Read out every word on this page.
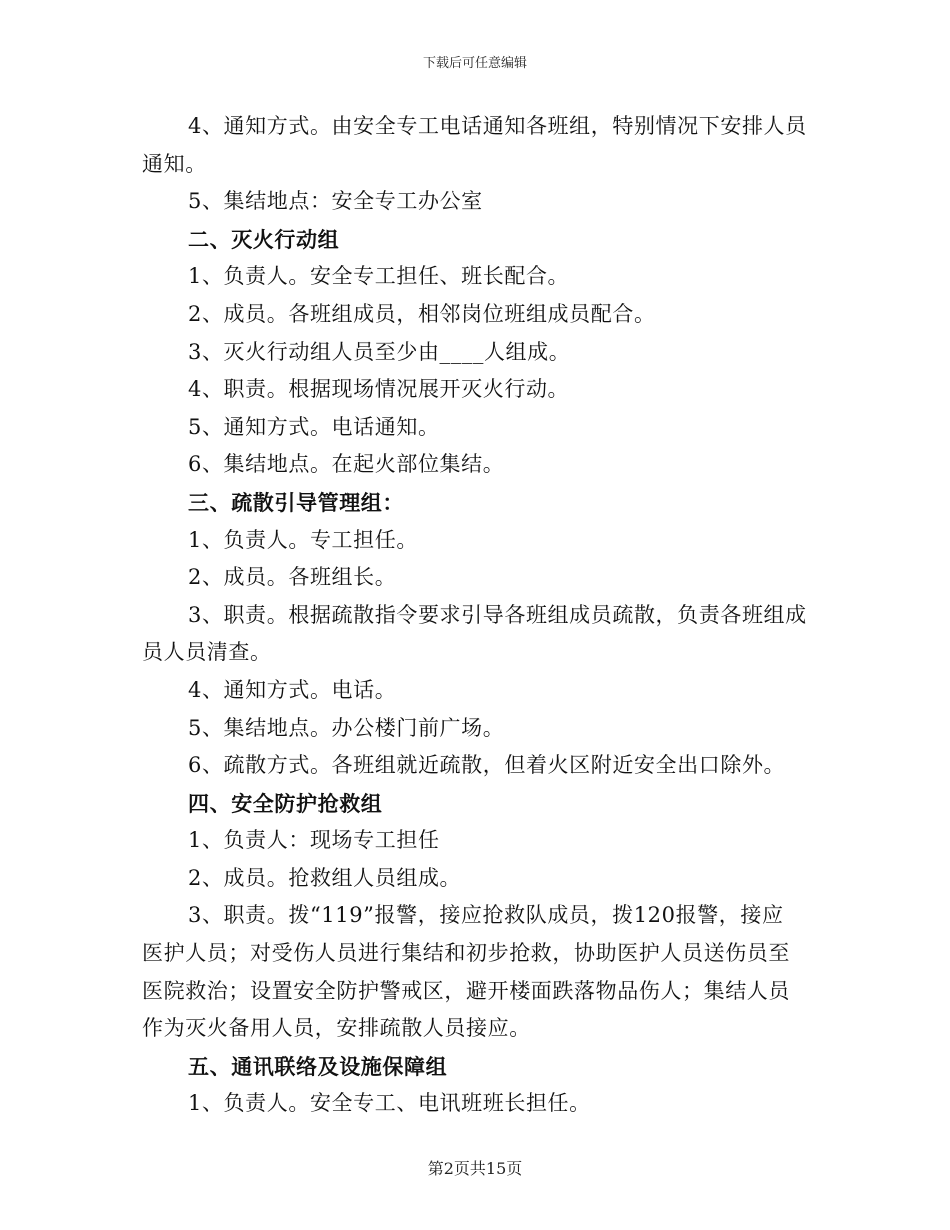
下载后可任意编辑
4、通知方式。由安全专工电话通知各班组，特别情况下安排人员
通知。
5、集结地点：安全专工办公室
二、灭火行动组
1、负责人。安全专工担任、班长配合。
2、成员。各班组成员，相邻岗位班组成员配合。
3、灭火行动组人员至少由____人组成。
4、职责。根据现场情况展开灭火行动。
5、通知方式。电话通知。
6、集结地点。在起火部位集结。
三、疏散引导管理组：
1、负责人。专工担任。
2、成员。各班组长。
3、职责。根据疏散指令要求引导各班组成员疏散，负责各班组成
员人员清查。
4、通知方式。电话。
5、集结地点。办公楼门前广场。
6、疏散方式。各班组就近疏散，但着火区附近安全出口除外。
四、安全防护抢救组
1、负责人：现场专工担任
2、成员。抢救组人员组成。
3、职责。拨“119”报警，接应抢救队成员，拨120报警，接应
医护人员；对受伤人员进行集结和初步抢救，协助医护人员送伤员至
医院救治；设置安全防护警戒区，避开楼面跌落物品伤人；集结人员
作为灭火备用人员，安排疏散人员接应。
五、通讯联络及设施保障组
1、负责人。安全专工、电讯班班长担任。
第2页共15页
